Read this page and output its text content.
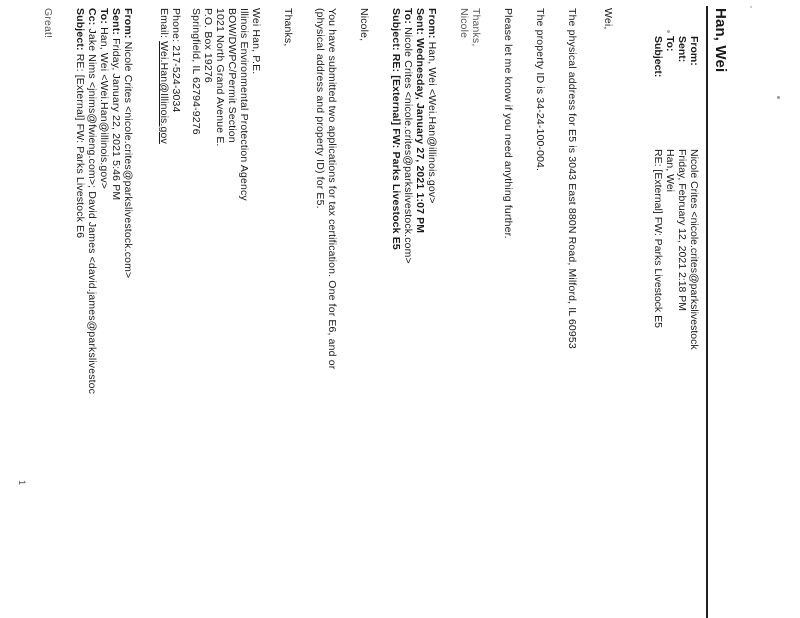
Han, Wei
From:Nicole Crites <nicole.crites@parkslivestock
Sent:Friday, February 12, 2021 2:18 PM
To:Han, Wei
Subject:RE: [External] FW: Parks Livestock E5
Wei,
The physical address for E5 is 3043 East 880N Road, Milford, IL 60953
The property ID is 34-24-100-004.
Please let me know if you need anything further.
Thanks,
Nicole
From: Han, Wei <Wei.Han@illinois.gov>
Sent: Wednesday, January 27, 2021 1:07 PM
To: Nicole Crites <nicole.crites@parkslivestock.com>
Subject: RE: [External] FW: Parks Livestock E5
Nicole,
You have submitted two applications for tax certification. One for E6, and or
(physical address and property ID) for E5.
Thanks,
Wei Han, P.E.
Illinois Environmental Protection Agency
BOW/DWPC/Permit Section
1021 North Grand Avenue E.
P.O. Box 19276
Springfield, IL 62794-9276
Phone: 217-524-3034
Email: Wei.Han@Illinois.gov
From: Nicole Crites <nicole.crites@parkslivestock.com>
Sent: Friday, January 22, 2021 5:46 PM
To: Han, Wei <Wei.Han@illinois.gov>
Cc: Jake Nims <jnims@fwieng.com>; David James <david.james@parkslivestoc
Subject: RE: [External] FW: Parks Livestock E6
Great!
1
